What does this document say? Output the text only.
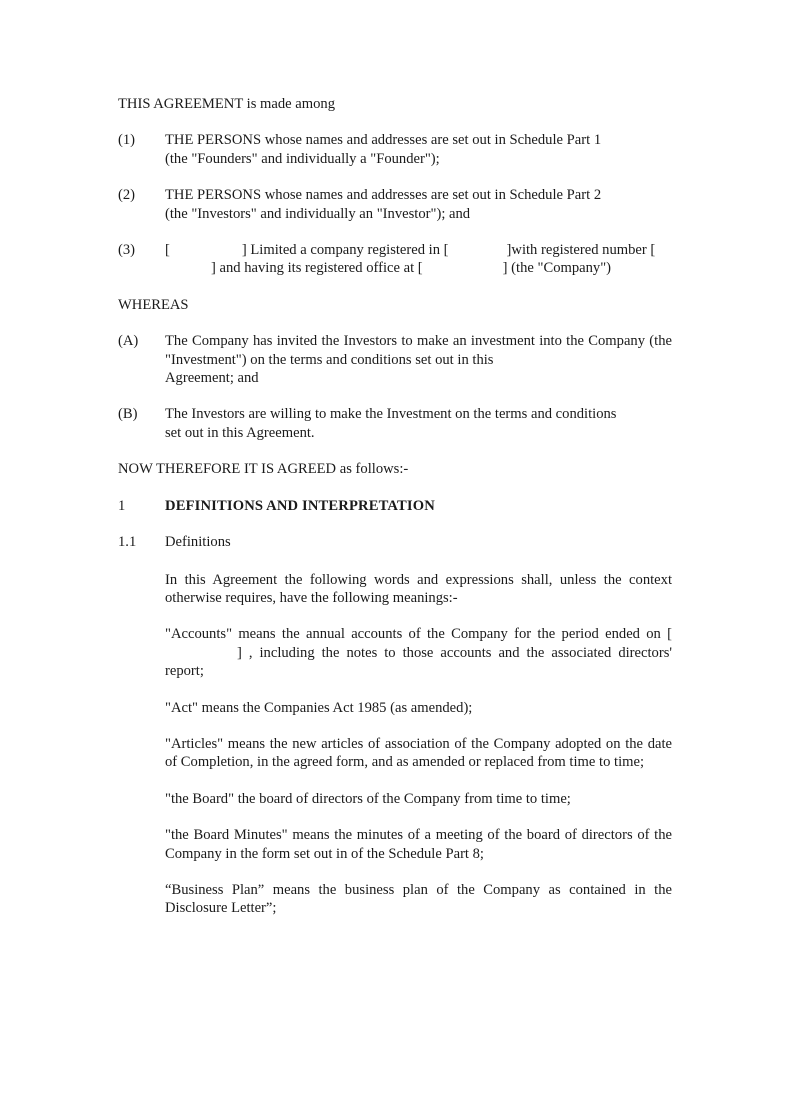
THIS AGREEMENT is made among

(1)	THE PERSONS whose names and addresses are set out in Schedule Part 1
(the "Founders" and individually a "Founder");
(2)	THE PERSONS whose names and addresses are set out in Schedule Part 2
(the "Investors" and individually an "Investor"); and
(3)	[	] Limited a company registered in [	]with registered number [] and having its registered office at [	] (the "Company")

WHEREAS

(A)	The Company has invited the Investors to make an investment into the Company (the "Investment") on the terms and conditions set out in this
Agreement; and
(B)	The Investors are willing to make the Investment on the terms and conditions
set out in this Agreement.

NOW THEREFORE IT IS AGREED as follows:-

1	DEFINITIONS AND INTERPRETATION
1.1	Definitions

In this Agreement the following words and expressions shall, unless the context otherwise requires, have the following meanings:-

"Accounts" means the annual accounts of the Company for the period ended on [] , including the notes to those accounts and the associated directors' report;

"Act" means the Companies Act 1985 (as amended);

"Articles" means the new articles of association of the Company adopted on the date of Completion, in the agreed form, and as amended or replaced from time to time;

"the Board" the board of directors of the Company from time to time;

"the Board Minutes" means the minutes of a meeting of the board of directors of the Company in the form set out in of the Schedule Part 8;

“Business Plan” means the business plan of the Company as contained in the Disclosure Letter”;
